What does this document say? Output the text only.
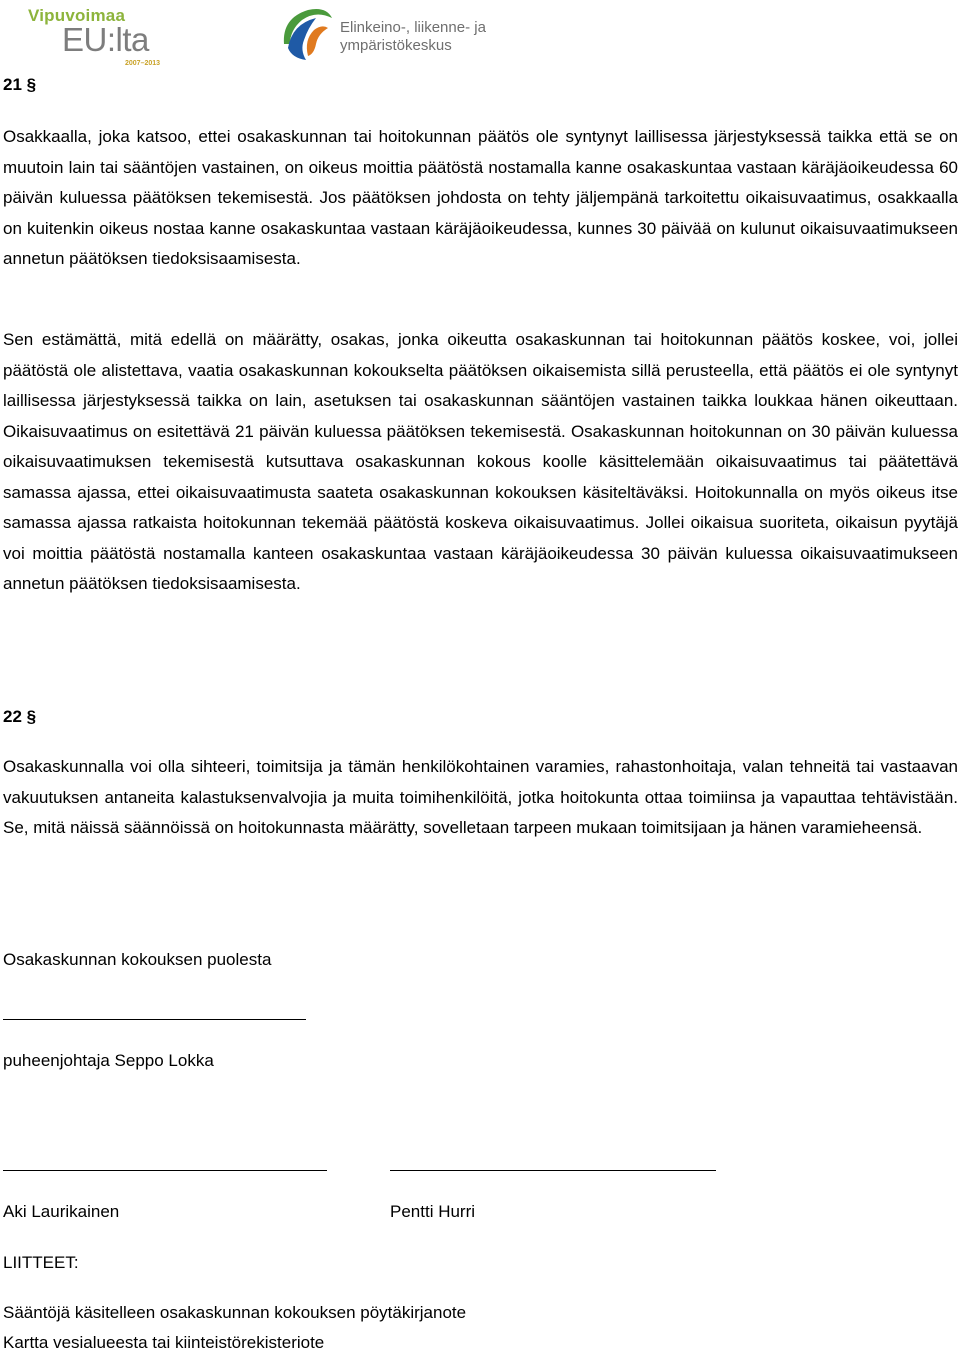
Vipuvoimaa
EU:lta
2007–2013
Elinkeino-, liikenne- ja
ympäristökeskus
21 §
Osakkaalla, joka katsoo, ettei osakaskunnan tai hoitokunnan päätös ole syntynyt laillisessa järjestyksessä taikka että se on muutoin lain tai sääntöjen vastainen, on oikeus moittia päätöstä nostamalla kanne osakaskuntaa vastaan käräjäoikeudessa 60 päivän kuluessa päätöksen tekemisestä. Jos päätöksen johdosta on tehty jäljempänä tarkoitettu oikaisuvaatimus, osakkaalla on kuitenkin oikeus nostaa kanne osakaskuntaa vastaan käräjäoikeudessa, kunnes 30 päivää on kulunut oikaisuvaatimukseen annetun päätöksen tiedoksisaamisesta.
Sen estämättä, mitä edellä on määrätty, osakas, jonka oikeutta osakaskunnan tai hoitokunnan päätös koskee, voi, jollei päätöstä ole alistettava, vaatia osakaskunnan kokoukselta päätöksen oikaisemista sillä perusteella, että päätös ei ole syntynyt laillisessa järjestyksessä taikka on lain, asetuksen tai osakaskunnan sääntöjen vastainen taikka loukkaa hänen oikeuttaan. Oikaisuvaatimus on esitettävä 21 päivän kuluessa päätöksen tekemisestä. Osakaskunnan hoitokunnan on 30 päivän kuluessa oikaisuvaatimuksen tekemisestä kutsuttava osakaskunnan kokous koolle käsittelemään oikaisuvaatimus tai päätettävä samassa ajassa, ettei oikaisuvaatimusta saateta osakaskunnan kokouksen käsiteltäväksi. Hoitokunnalla on myös oikeus itse samassa ajassa ratkaista hoitokunnan tekemää päätöstä koskeva oikaisuvaatimus. Jollei oikaisua suoriteta, oikaisun pyytäjä voi moittia päätöstä nostamalla kanteen osakaskuntaa vastaan käräjäoikeudessa 30 päivän kuluessa oikaisuvaatimukseen annetun päätöksen tiedoksisaamisesta.
22 §
Osakaskunnalla voi olla sihteeri, toimitsija ja tämän henkilökohtainen varamies, rahastonhoitaja, valan tehneitä tai vastaavan vakuutuksen antaneita kalastuksenvalvojia ja muita toimihenkilöitä, jotka hoitokunta ottaa toimiinsa ja vapauttaa tehtävistään. Se, mitä näissä säännöissä on hoitokunnasta määrätty, sovelletaan tarpeen mukaan toimitsijaan ja hänen varamieheensä.
Osakaskunnan kokouksen puolesta
puheenjohtaja Seppo Lokka
Aki Laurikainen	Pentti Hurri
LIITTEET:
Sääntöjä käsitelleen osakaskunnan kokouksen pöytäkirjanote
Kartta vesialueesta tai kiinteistörekisteriote
